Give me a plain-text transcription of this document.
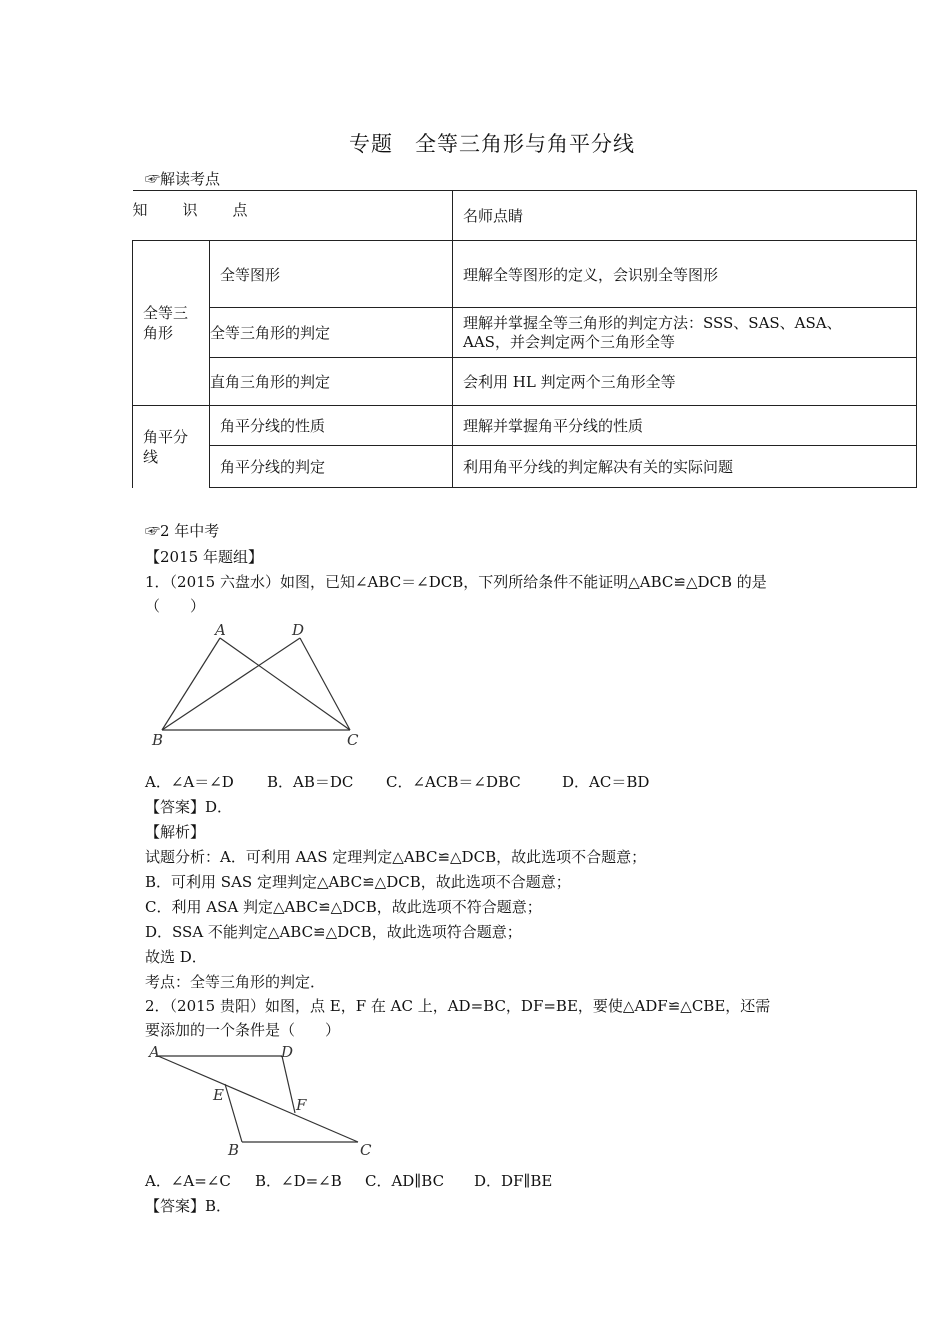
专题　全等三角形与角平分线
☞解读考点
知　识　点		名师点睛
全等三角形	全等图形	理解全等图形的定义，会识别全等图形
	全等三角形的判定	理解并掌握全等三角形的判定方法：SSS、SAS、ASA、
AAS，并会判定两个三角形全等

	直角三角形的判定	会利用 HL 判定两个三角形全等
角平分线	角平分线的性质	理解并掌握角平分线的性质
	角平分线的判定	利用角平分线的判定解决有关的实际问题
☞2 年中考
【2015 年题组】
1．（2015 六盘水）如图，已知∠ABC＝∠DCB，下列所给条件不能证明△ABC≌△DCB 的是
（　　）
A	D
B	C
A．∠A＝∠D B．AB＝DC C．∠ACB＝∠DBC	D．AC＝BD
【答案】D．
【解析】
试题分析：A．可利用 AAS 定理判定△ABC≌△DCB，故此选项不合题意；
B．可利用 SAS 定理判定△ABC≌△DCB，故此选项不合题意；
C．利用 ASA 判定△ABC≌△DCB，故此选项不符合题意；
D．SSA 不能判定△ABC≌△DCB，故此选项符合题意；
故选 D．
考点：全等三角形的判定．
2．（2015 贵阳）如图，点 E，F 在 AC 上，AD=BC，DF=BE，要使△ADF≌△CBE，还需
要添加的一个条件是（　　）
A	D
E
F
B	C
A．∠A=∠C B．∠D=∠B C．AD∥BC D．DF∥BE
【答案】B．
